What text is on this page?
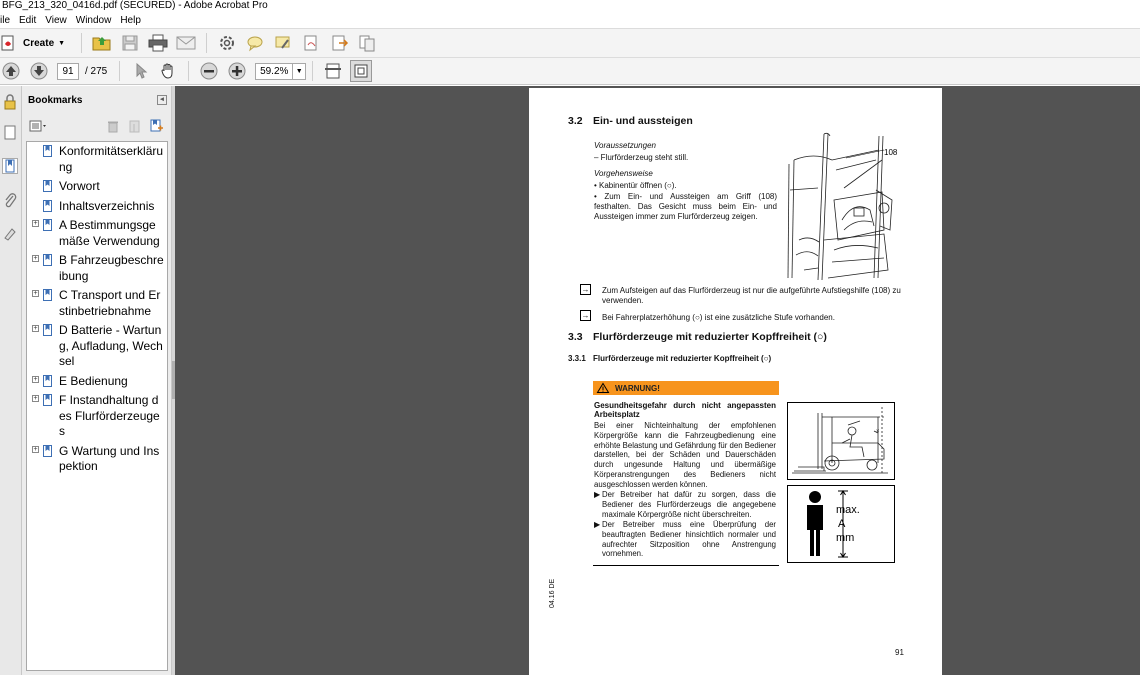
BFG_213_320_0416d.pdf (SECURED) - Adobe Acrobat Pro
ile Edit View Window Help
Create ▼
91	/ 275	59.2%	▼
Bookmarks	◂
Konformitätserklärung
Vorwort
Inhaltsverzeichnis
+ A Bestimmungsgemäße Verwendung
+ B Fahrzeugbeschreibung
+ C Transport und Erstinbetriebnahme
+ D Batterie - Wartung, Aufladung, Wechsel
+ E Bedienung
+ F Instandhaltung des Flurförderzeuges
+ G Wartung und Inspektion
3.2 Ein- und aussteigen
Voraussetzungen
– Flurförderzeug steht still.
Vorgehensweise
• Kabinentür öffnen (○).
• Zum Ein- und Aussteigen am Griff (108) festhalten. Das Gesicht muss beim Ein- und Aussteigen immer zum Flurförderzeug zeigen.
108
→ Zum Aufsteigen auf das Flurförderzeug ist nur die aufgeführte Aufstiegshilfe (108) zu verwenden.
→ Bei Fahrerplatzerhöhung (○) ist eine zusätzliche Stufe vorhanden.
3.3 Flurförderzeuge mit reduzierter Kopffreiheit (○)
3.3.1 Flurförderzeuge mit reduzierter Kopffreiheit (○)
WARNUNG!
Gesundheitsgefahr durch nicht angepassten Arbeitsplatz
Bei einer Nichteinhaltung der empfohlenen Körpergröße kann die Fahrzeugbedienung eine erhöhte Belastung und Gefährdung für den Bediener darstellen, bei der Schäden und Dauerschäden durch ungesunde Haltung und übermäßige Körperanstrengungen des Bedieners nicht ausgeschlossen werden können.
▶ Der Betreiber hat dafür zu sorgen, dass die Bediener des Flurförderzeugs die angegebene maximale Körpergröße nicht überschreiten.
▶ Der Betreiber muss eine Überprüfung der beauftragten Bediener hinsichtlich normaler und aufrechter Sitzposition ohne Anstrengung vornehmen.
×
max.
A
mm
04.16 DE
91
